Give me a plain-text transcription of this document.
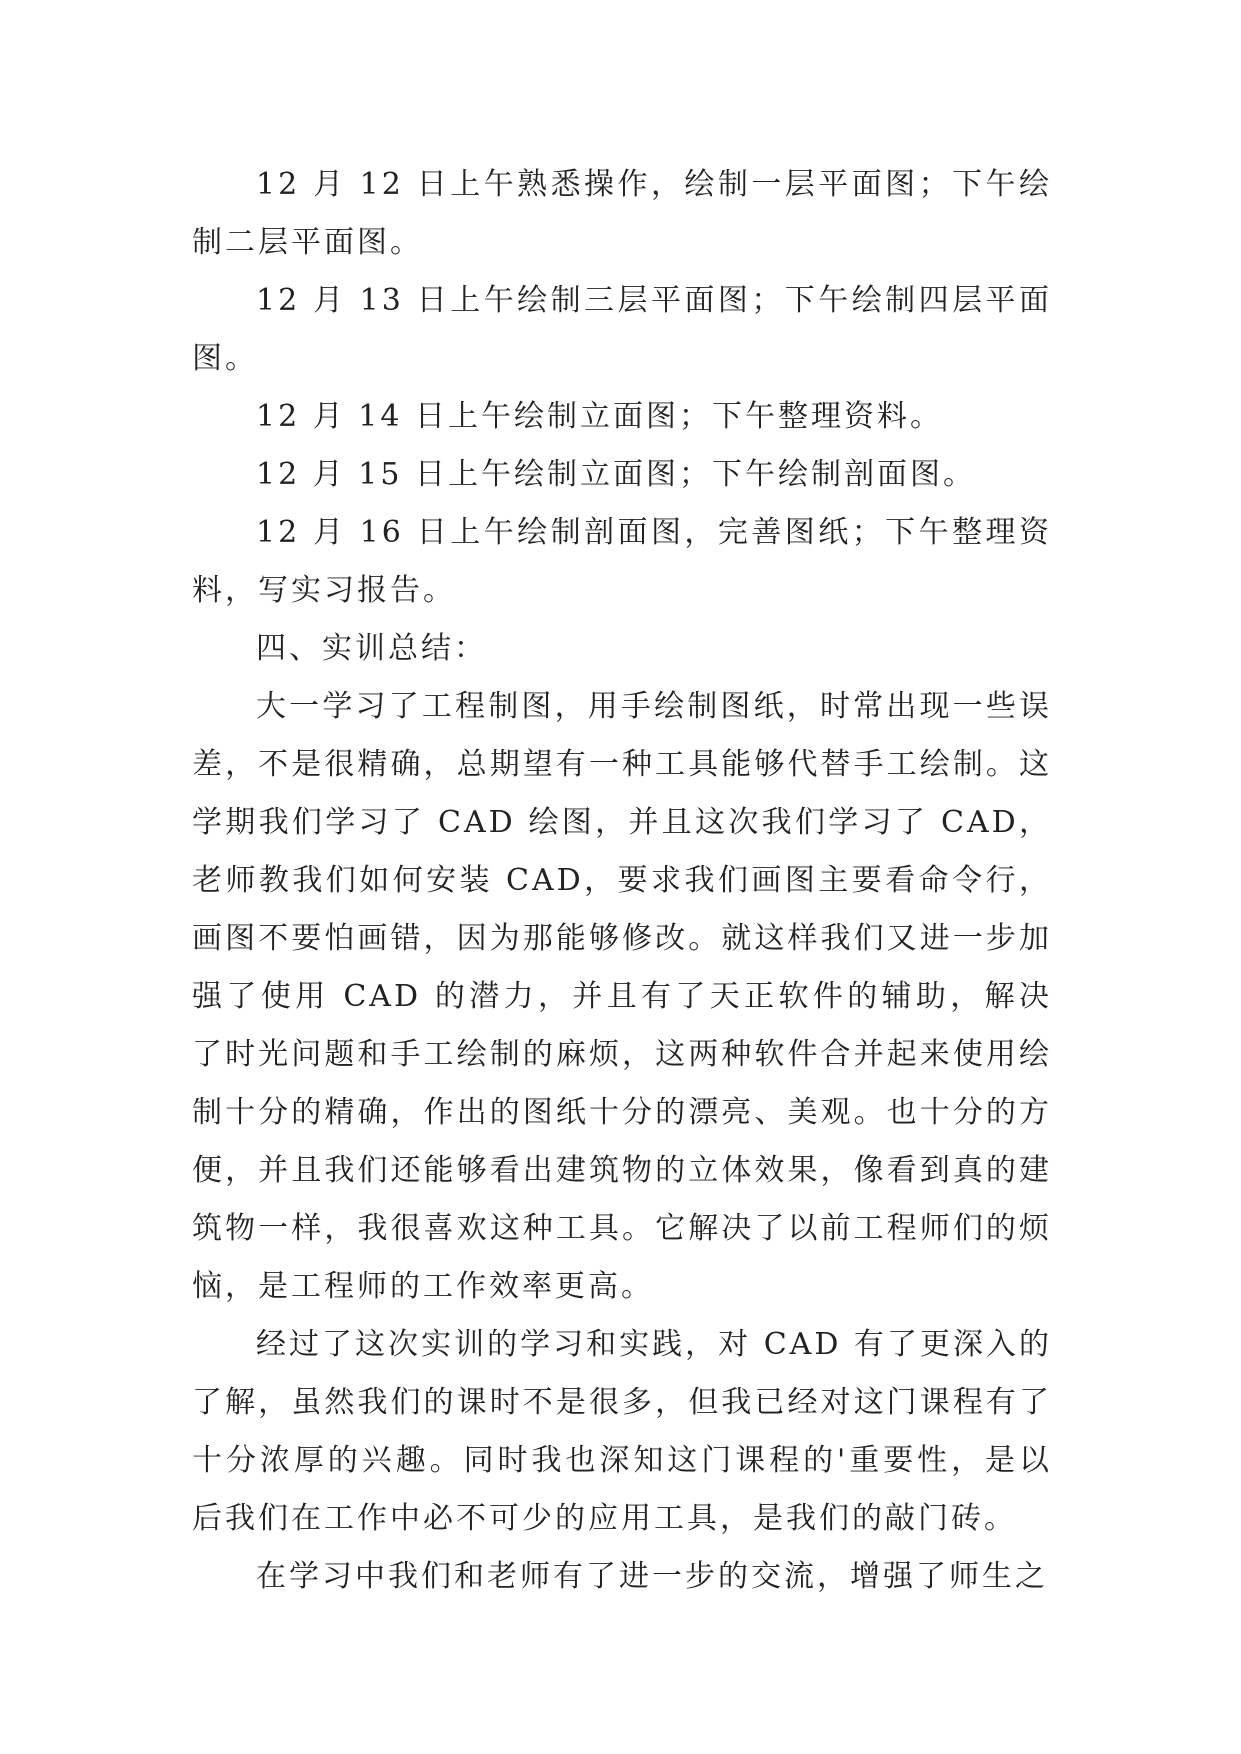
12 月 12 日上午熟悉操作，绘制一层平面图；下午绘制二层平面图。

12 月 13 日上午绘制三层平面图；下午绘制四层平面图。

12 月 14 日上午绘制立面图；下午整理资料。

12 月 15 日上午绘制立面图；下午绘制剖面图。

12 月 16 日上午绘制剖面图，完善图纸；下午整理资料，写实习报告。

四、实训总结：

大一学习了工程制图，用手绘制图纸，时常出现一些误差，不是很精确，总期望有一种工具能够代替手工绘制。这学期我们学习了 CAD 绘图，并且这次我们学习了 CAD，老师教我们如何安装 CAD，要求我们画图主要看命令行，画图不要怕画错，因为那能够修改。就这样我们又进一步加强了使用 CAD 的潜力，并且有了天正软件的辅助，解决了时光问题和手工绘制的麻烦，这两种软件合并起来使用绘制十分的精确，作出的图纸十分的漂亮、美观。也十分的方便，并且我们还能够看出建筑物的立体效果，像看到真的建筑物一样，我很喜欢这种工具。它解决了以前工程师们的烦恼，是工程师的工作效率更高。

经过了这次实训的学习和实践，对 CAD 有了更深入的了解，虽然我们的课时不是很多，但我已经对这门课程有了十分浓厚的兴趣。同时我也深知这门课程的'重要性，是以后我们在工作中必不可少的应用工具，是我们的敲门砖。

在学习中我们和老师有了进一步的交流，增强了师生之
